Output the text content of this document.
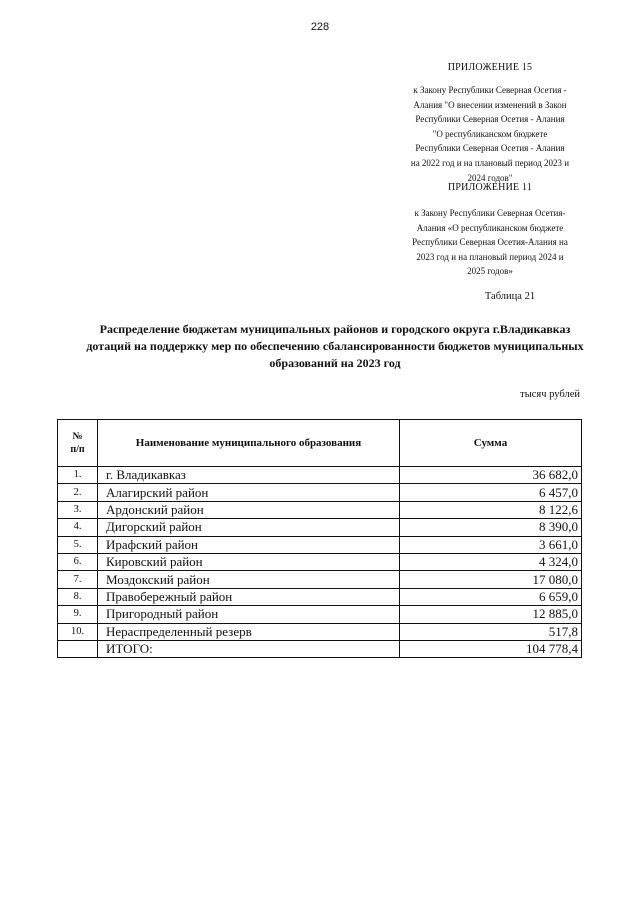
228
ПРИЛОЖЕНИЕ 15
к Закону Республики Северная Осетия -
Алания "О внесении изменений в Закон
Республики Северная Осетия - Алания
"О республиканском бюджете
Республики Северная Осетия - Алания
на 2022 год и на плановый период 2023 и
2024 годов"
ПРИЛОЖЕНИЕ 11
к Закону Республики Северная Осетия-
Алания «О республиканском бюджете
Республики Северная Осетия-Алания на
2023 год и на плановый период 2024 и
2025 годов»
Таблица 21
Распределение бюджетам муниципальных районов и городского округа г.Владикавказ
дотаций на поддержку мер по обеспечению сбалансированности бюджетов муниципальных
образований на 2023 год
тысяч рублей
№
п/п	Наименование муниципального образования	Сумма
1.	г. Владикавказ	36 682,0
2.	Алагирский район	6 457,0
3.	Ардонский район	8 122,6
4.	Дигорский район	8 390,0
5.	Ирафский район	3 661,0
6.	Кировский район	4 324,0
7.	Моздокский район	17 080,0
8.	Правобережный район	6 659,0
9.	Пригородный район	12 885,0
10.	Нераспределенный резерв	517,8
	ИТОГО:	104 778,4
